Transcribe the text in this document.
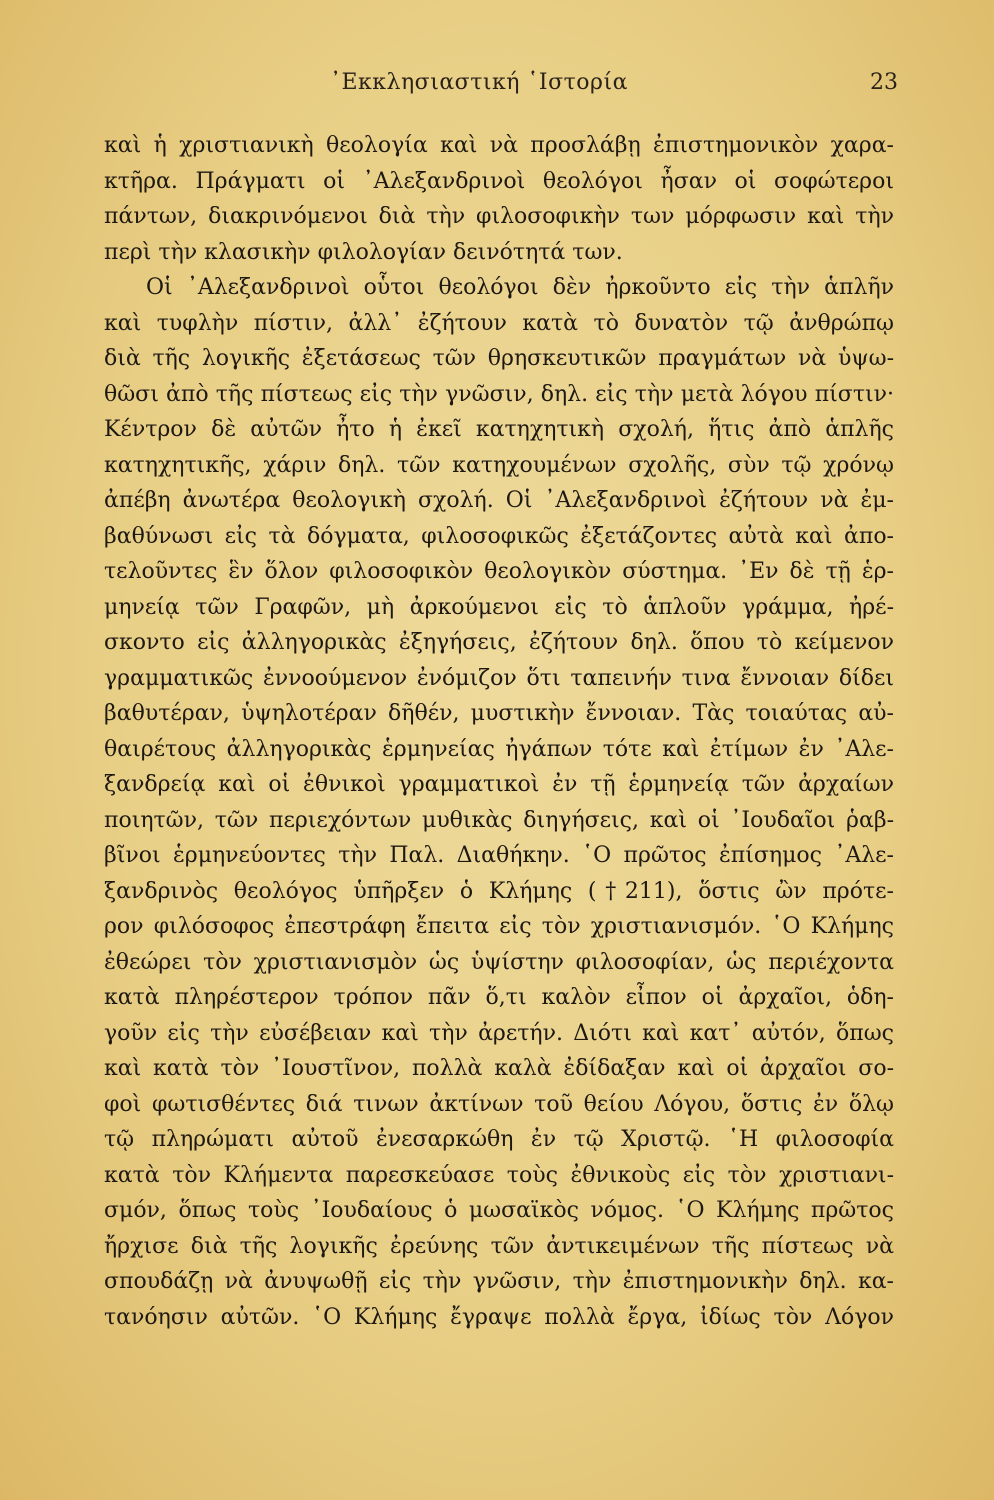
᾿Εκκλησιαστική ῾Ιστορία	23
καὶ ἡ χριστιανικὴ θεολογία καὶ νὰ προσλάβῃ ἐπιστημονικὸν χαρα-
κτῆρα. Πράγματι οἱ ᾿Αλεξανδρινοὶ θεολόγοι ἦσαν οἱ σοφώτεροι
πάντων, διακρινόμενοι διὰ τὴν φιλοσοφικὴν των μόρφωσιν καὶ τὴν
περὶ τὴν κλασικὴν φιλολογίαν δεινότητά των.
Οἱ ᾿Αλεξανδρινοὶ οὗτοι θεολόγοι δὲν ἠρκοῦντο εἰς τὴν ἁπλῆν
καὶ τυφλὴν πίστιν, ἀλλ᾿ ἐζήτουν κατὰ τὸ δυνατὸν τῷ ἀνθρώπῳ
διὰ τῆς λογικῆς ἐξετάσεως τῶν θρησκευτικῶν πραγμάτων νὰ ὑψω-
θῶσι ἀπὸ τῆς πίστεως εἰς τὴν γνῶσιν, δηλ. εἰς τὴν μετὰ λόγου πίστιν·
Κέντρον δὲ αὐτῶν ἦτο ἡ ἐκεῖ κατηχητικὴ σχολή, ἥτις ἀπὸ ἁπλῆς
κατηχητικῆς, χάριν δηλ. τῶν κατηχουμένων σχολῆς, σὺν τῷ χρόνῳ
ἀπέβη ἀνωτέρα θεολογικὴ σχολή. Οἱ ᾿Αλεξανδρινοὶ ἐζήτουν νὰ ἐμ-
βαθύνωσι εἰς τὰ δόγματα, φιλοσοφικῶς ἐξετάζοντες αὐτὰ καὶ ἀπο-
τελοῦντες ἓν ὅλον φιλοσοφικὸν θεολογικὸν σύστημα. ᾿Εν δὲ τῇ ἑρ-
μηνείᾳ τῶν Γραφῶν, μὴ ἀρκούμενοι εἰς τὸ ἁπλοῦν γράμμα, ἠρέ-
σκοντο εἰς ἀλληγορικὰς ἐξηγήσεις, ἐζήτουν δηλ. ὅπου τὸ κείμενον
γραμματικῶς ἐννοούμενον ἐνόμιζον ὅτι ταπεινήν τινα ἔννοιαν δίδει
βαθυτέραν, ὑψηλοτέραν δῆθέν, μυστικὴν ἔννοιαν. Τὰς τοιαύτας αὐ-
θαιρέτους ἀλληγορικὰς ἑρμηνείας ἠγάπων τότε καὶ ἐτίμων ἐν ᾿Αλε-
ξανδρείᾳ καὶ οἱ ἐθνικοὶ γραμματικοὶ ἐν τῇ ἑρμηνείᾳ τῶν ἀρχαίων
ποιητῶν, τῶν περιεχόντων μυθικὰς διηγήσεις, καὶ οἱ ᾿Ιουδαῖοι ῥαβ-
βῖνοι ἑρμηνεύοντες τὴν Παλ. Διαθήκην. ῾Ο πρῶτος ἐπίσημος ᾿Αλε-
ξανδρινὸς θεολόγος ὑπῆρξεν ὁ Κλήμης (†211), ὅστις ὢν πρότε-
ρον φιλόσοφος ἐπεστράφη ἔπειτα εἰς τὸν χριστιανισμόν. ῾Ο Κλήμης
ἐθεώρει τὸν χριστιανισμὸν ὡς ὑψίστην φιλοσοφίαν, ὡς περιέχοντα
κατὰ πληρέστερον τρόπον πᾶν ὅ,τι καλὸν εἶπον οἱ ἀρχαῖοι, ὁδη-
γοῦν εἰς τὴν εὐσέβειαν καὶ τὴν ἀρετήν. Διότι καὶ κατ᾿ αὐτόν, ὅπως
καὶ κατὰ τὸν ᾿Ιουστῖνον, πολλὰ καλὰ ἐδίδαξαν καὶ οἱ ἀρχαῖοι σο-
φοὶ φωτισθέντες διά τινων ἀκτίνων τοῦ θείου Λόγου, ὅστις ἐν ὅλῳ
τῷ πληρώματι αὐτοῦ ἐνεσαρκώθη ἐν τῷ Χριστῷ. ῾Η φιλοσοφία
κατὰ τὸν Κλήμεντα παρεσκεύασε τοὺς ἐθνικοὺς εἰς τὸν χριστιανι-
σμόν, ὅπως τοὺς ᾿Ιουδαίους ὁ μωσαϊκὸς νόμος. ῾Ο Κλήμης πρῶτος
ἤρχισε διὰ τῆς λογικῆς ἐρεύνης τῶν ἀντικειμένων τῆς πίστεως νὰ
σπουδάζῃ νὰ ἀνυψωθῇ εἰς τὴν γνῶσιν, τὴν ἐπιστημονικὴν δηλ. κα-
τανόησιν αὐτῶν. ῾Ο Κλήμης ἔγραψε πολλὰ ἔργα, ἰδίως τὸν Λόγον
